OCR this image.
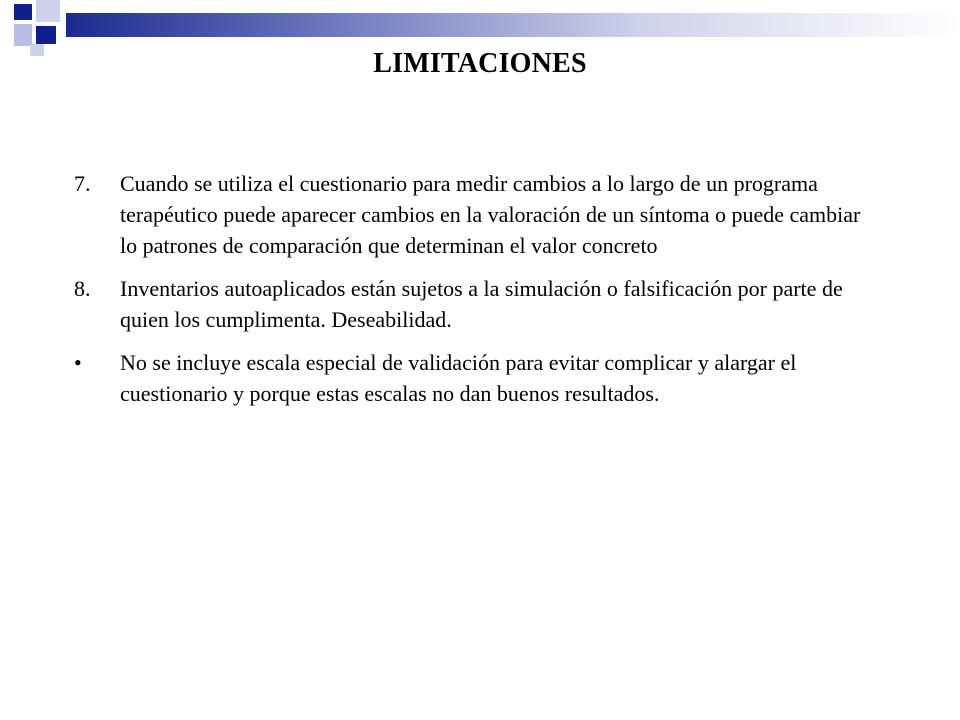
LIMITACIONES
7.	Cuando se utiliza el cuestionario para medir cambios a lo largo de un programa terapéutico puede aparecer cambios en la valoración de un síntoma o puede cambiar lo patrones de comparación que determinan el valor concreto
8.	Inventarios autoaplicados están sujetos a la simulación o falsificación por parte de quien los cumplimenta. Deseabilidad.
•	No se incluye escala especial de validación para evitar complicar y alargar el cuestionario y porque estas escalas no dan buenos resultados.
